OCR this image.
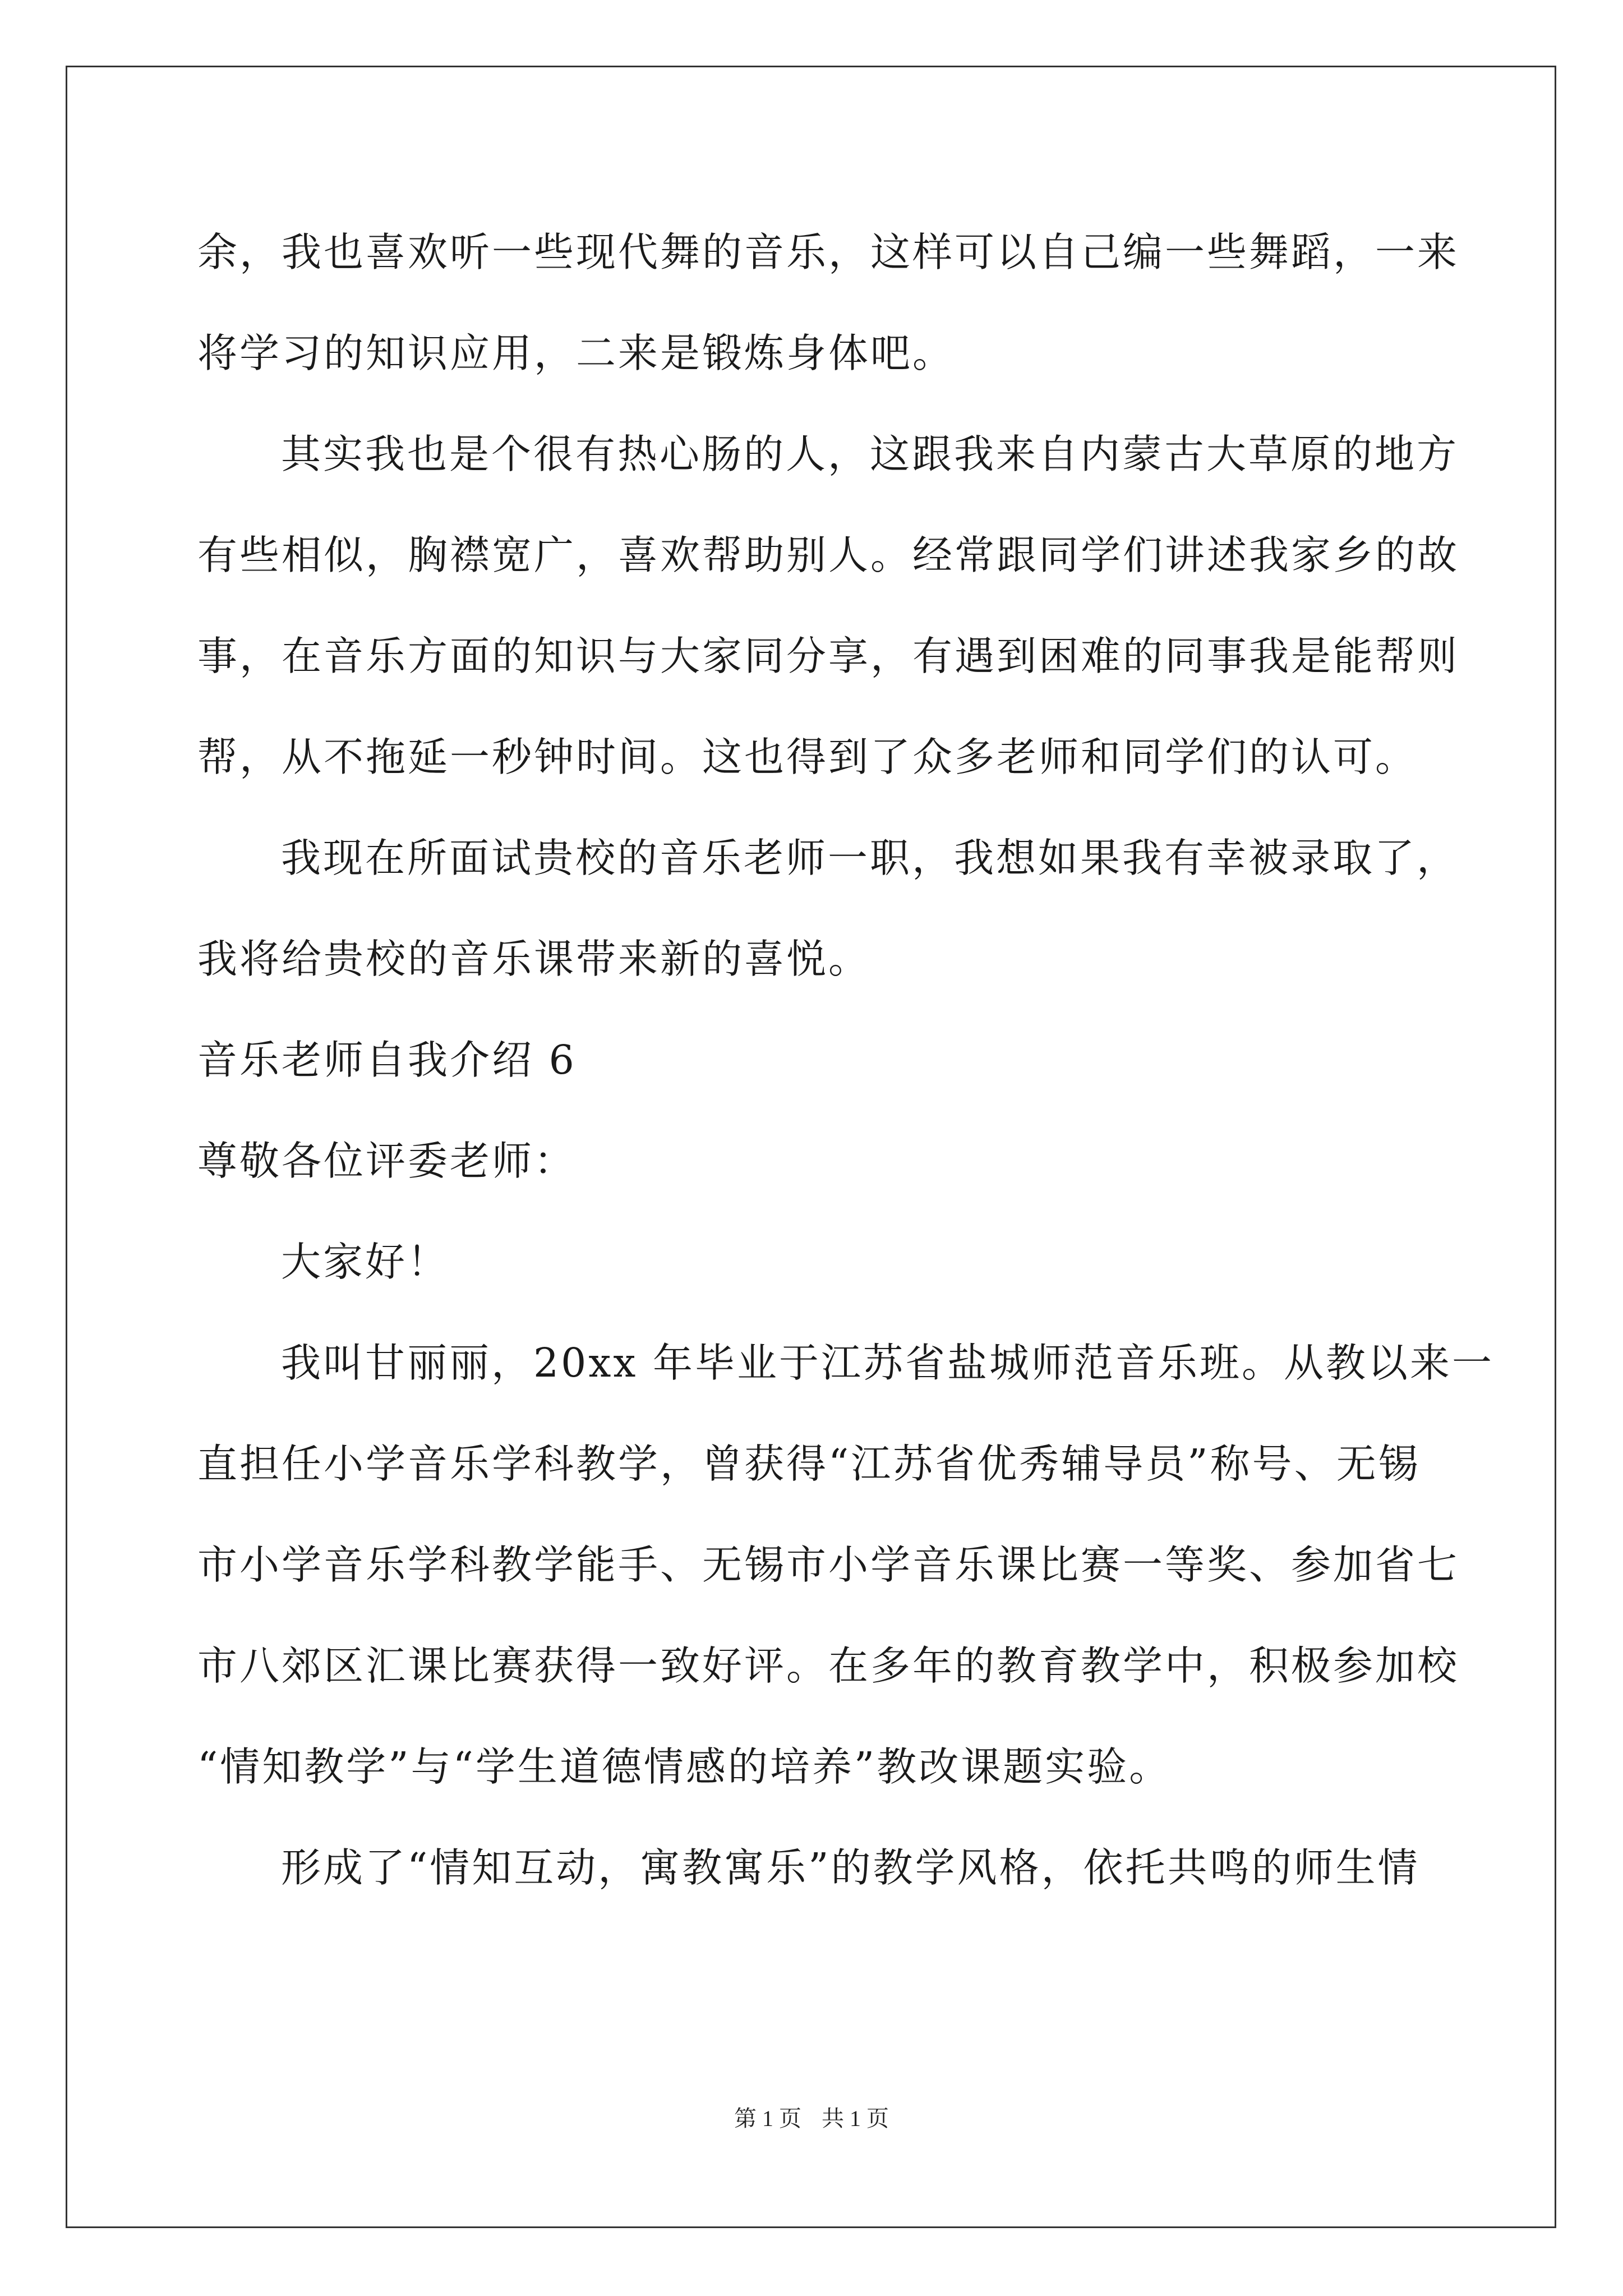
余，我也喜欢听一些现代舞的音乐，这样可以自己编一些舞蹈，一来

将学习的知识应用，二来是锻炼身体吧。

其实我也是个很有热心肠的人，这跟我来自内蒙古大草原的地方

有些相似，胸襟宽广，喜欢帮助别人。经常跟同学们讲述我家乡的故

事，在音乐方面的知识与大家同分享，有遇到困难的同事我是能帮则

帮，从不拖延一秒钟时间。这也得到了众多老师和同学们的认可。

我现在所面试贵校的音乐老师一职，我想如果我有幸被录取了，

我将给贵校的音乐课带来新的喜悦。

音乐老师自我介绍 6

尊敬各位评委老师：

大家好！

我叫甘丽丽，20xx 年毕业于江苏省盐城师范音乐班。从教以来一

直担任小学音乐学科教学，曾获得“江苏省优秀辅导员”称号、无锡

市小学音乐学科教学能手、无锡市小学音乐课比赛一等奖、参加省七

市八郊区汇课比赛获得一致好评。在多年的教育教学中，积极参加校

“情知教学”与“学生道德情感的培养”教改课题实验。

形成了“情知互动，寓教寓乐”的教学风格，依托共鸣的师生情

第 1 页 共 1 页
